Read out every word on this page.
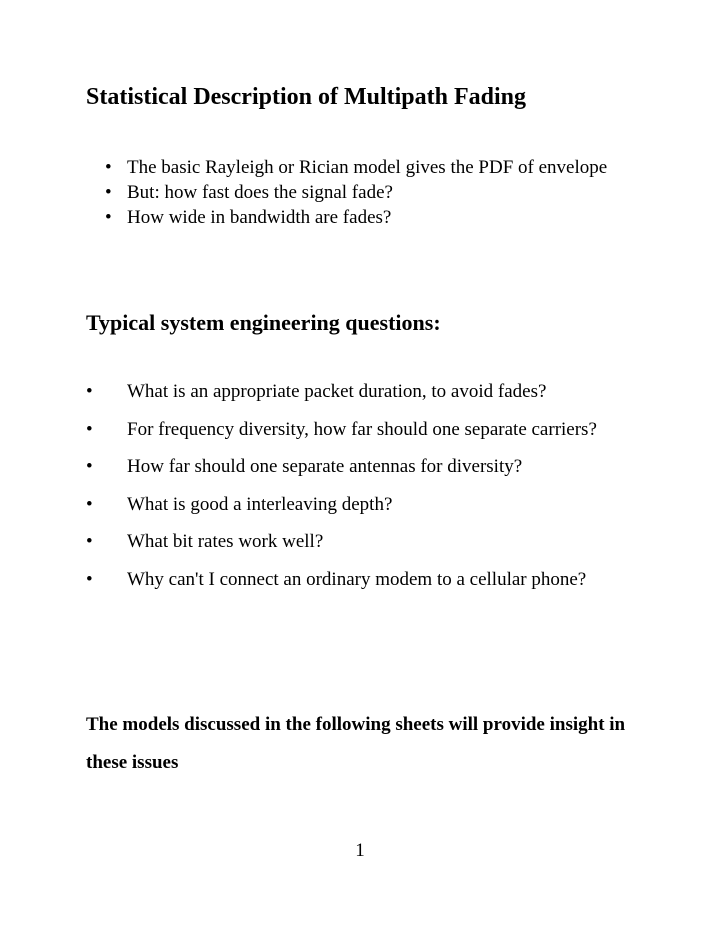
Statistical Description of Multipath Fading
• The basic Rayleigh or Rician model gives the PDF of envelope
• But: how fast does the signal fade?
• How wide in bandwidth are fades?
Typical system engineering questions:
• What is an appropriate packet duration, to avoid fades?
• For frequency diversity, how far should one separate carriers?
• How far should one separate antennas for diversity?
• What is good a interleaving depth?
• What bit rates work well?
• Why can't I connect an ordinary modem to a cellular phone?

The models discussed in the following sheets will provide insight in these issues

1
